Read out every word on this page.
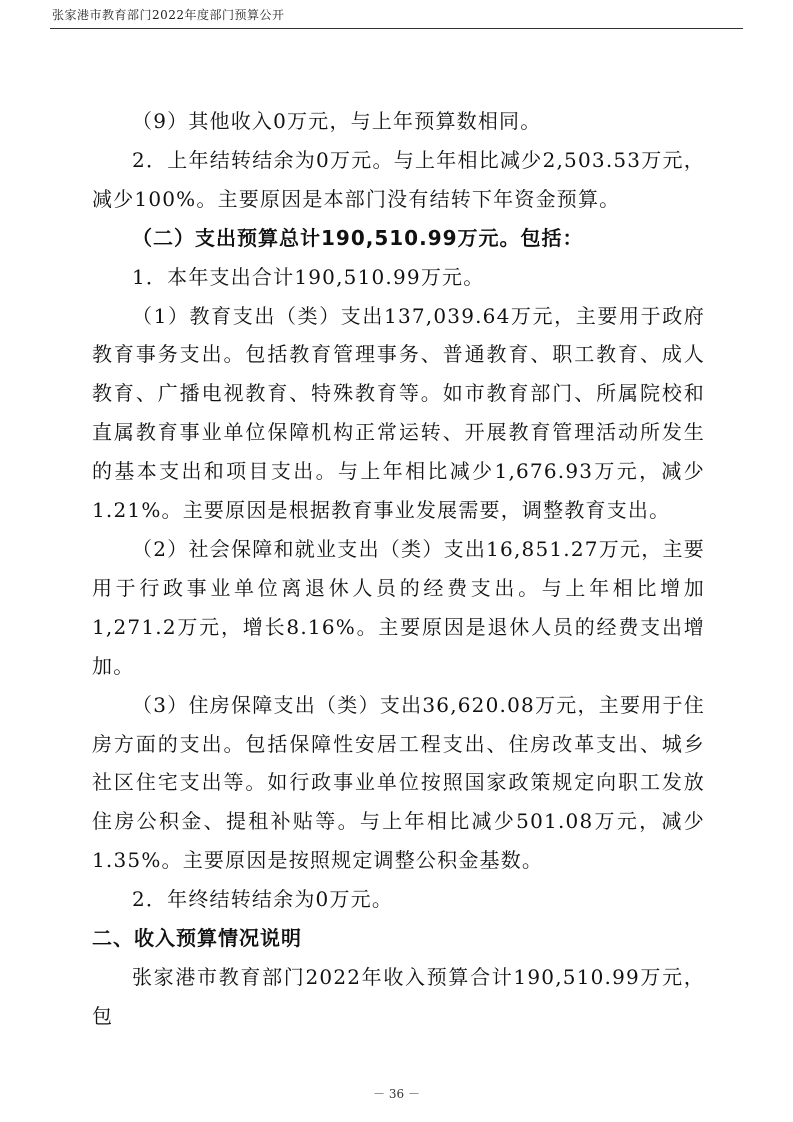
张家港市教育部门2022年度部门预算公开

（9）其他收入0万元，与上年预算数相同。

2．上年结转结余为0万元。与上年相比减少2,503.53万元，减少100%。主要原因是本部门没有结转下年资金预算。

（二）支出预算总计190,510.99万元。包括：

1．本年支出合计190,510.99万元。

（1）教育支出（类）支出137,039.64万元，主要用于政府教育事务支出。包括教育管理事务、普通教育、职工教育、成人教育、广播电视教育、特殊教育等。如市教育部门、所属院校和直属教育事业单位保障机构正常运转、开展教育管理活动所发生的基本支出和项目支出。与上年相比减少1,676.93万元，减少1.21%。主要原因是根据教育事业发展需要，调整教育支出。

（2）社会保障和就业支出（类）支出16,851.27万元，主要用于行政事业单位离退休人员的经费支出。与上年相比增加1,271.2万元，增长8.16%。主要原因是退休人员的经费支出增加。

（3）住房保障支出（类）支出36,620.08万元，主要用于住房方面的支出。包括保障性安居工程支出、住房改革支出、城乡社区住宅支出等。如行政事业单位按照国家政策规定向职工发放住房公积金、提租补贴等。与上年相比减少501.08万元，减少1.35%。主要原因是按照规定调整公积金基数。

2．年终结转结余为0万元。

二、收入预算情况说明

张家港市教育部门2022年收入预算合计190,510.99万元，包

－ 36 －
